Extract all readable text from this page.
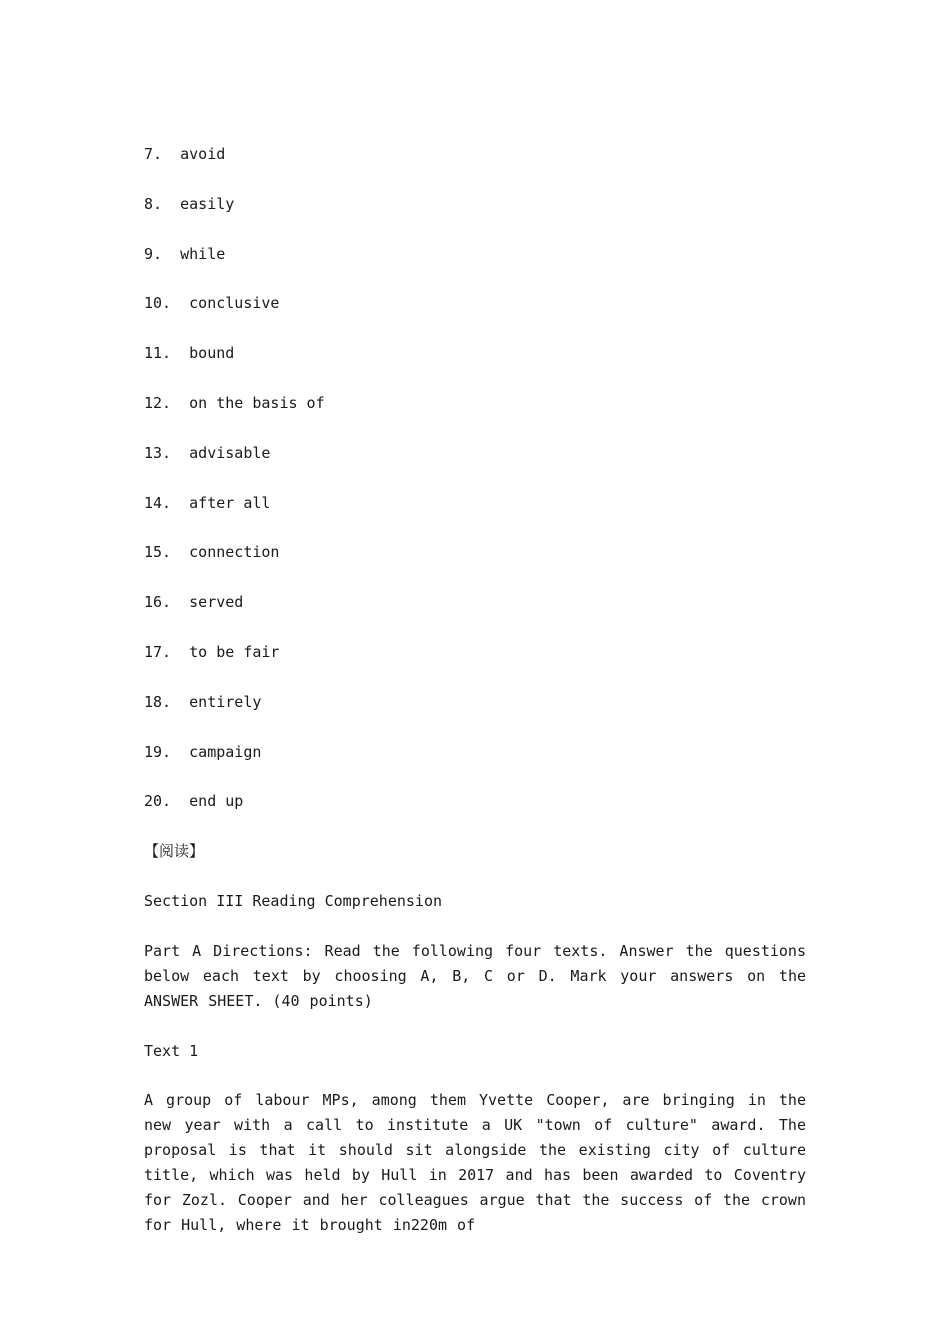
7. avoid
8. easily
9. while
10. conclusive
11. bound
12. on the basis of
13. advisable
14. after all
15. connection
16. served
17. to be fair
18. entirely
19. campaign
20. end up
【阅读】
Section III Reading Comprehension
Part A Directions: Read the following four texts. Answer the questions below each text by choosing A, B, C or D. Mark your answers on the ANSWER SHEET. (40 points)
Text 1
A group of labour MPs, among them Yvette Cooper, are bringing in the new year with a call to institute a UK "town of culture" award. The proposal is that it should sit alongside the existing city of culture title, which was held by Hull in 2017 and has been awarded to Coventry for Zozl. Cooper and her colleagues argue that the success of the crown for Hull, where it brought in220m of
